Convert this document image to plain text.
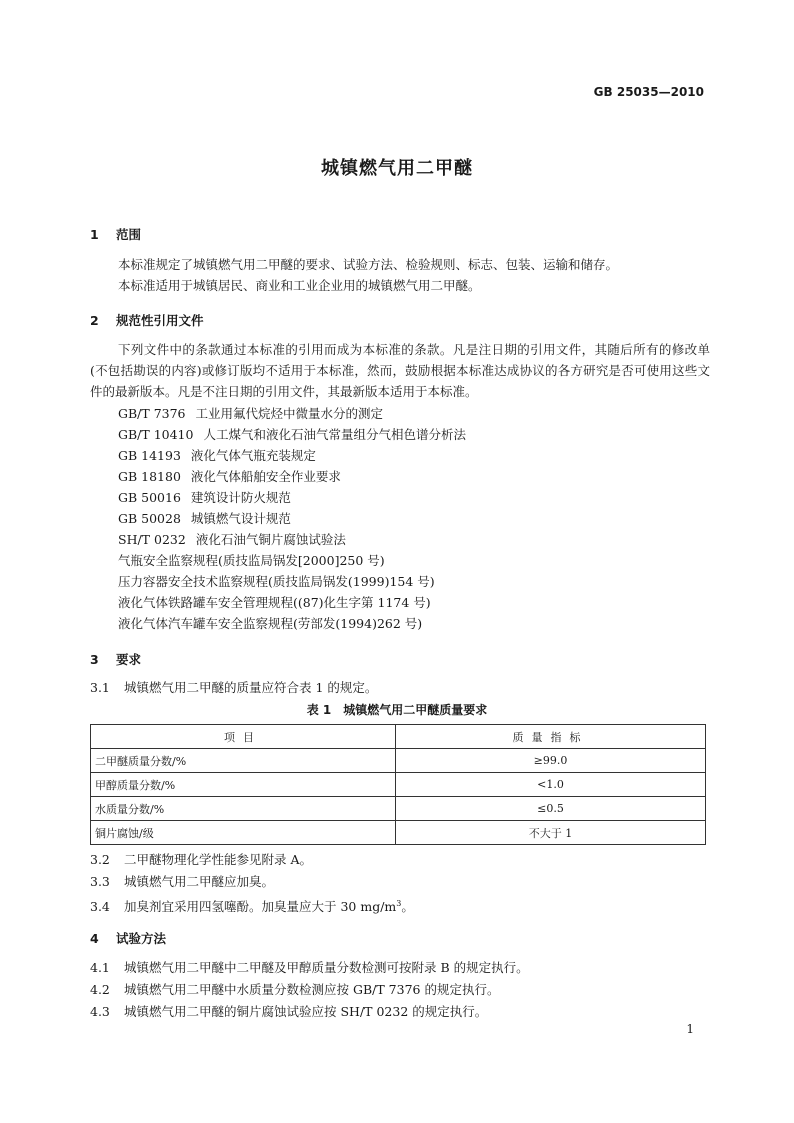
GB 25035—2010
城镇燃气用二甲醚
1 范围
本标准规定了城镇燃气用二甲醚的要求、试验方法、检验规则、标志、包装、运输和储存。
本标准适用于城镇居民、商业和工业企业用的城镇燃气用二甲醚。
2 规范性引用文件
下列文件中的条款通过本标准的引用而成为本标准的条款。凡是注日期的引用文件，其随后所有的修改单(不包括勘误的内容)或修订版均不适用于本标准，然而，鼓励根据本标准达成协议的各方研究是否可使用这些文件的最新版本。凡是不注日期的引用文件，其最新版本适用于本标准。
GB/T 7376 工业用氟代烷烃中微量水分的测定
GB/T 10410 人工煤气和液化石油气常量组分气相色谱分析法
GB 14193 液化气体气瓶充装规定
GB 18180 液化气体船舶安全作业要求
GB 50016 建筑设计防火规范
GB 50028 城镇燃气设计规范
SH/T 0232 液化石油气铜片腐蚀试验法
气瓶安全监察规程(质技监局锅发[2000]250 号)
压力容器安全技术监察规程(质技监局锅发(1999)154 号)
液化气体铁路罐车安全管理规程((87)化生字第 1174 号)
液化气体汽车罐车安全监察规程(劳部发(1994)262 号)
3 要求
3.1 城镇燃气用二甲醚的质量应符合表 1 的规定。
表 1　城镇燃气用二甲醚质量要求
项目	质量指标
二甲醚质量分数/%	≥99.0
甲醇质量分数/%	<1.0
水质量分数/%	≤0.5
铜片腐蚀/级	不大于 1
3.2 二甲醚物理化学性能参见附录 A。
3.3 城镇燃气用二甲醚应加臭。
3.4 加臭剂宜采用四氢噻酚。加臭量应大于 30 $mg/m^3$。
4 试验方法
4.1 城镇燃气用二甲醚中二甲醚及甲醇质量分数检测可按附录 B 的规定执行。
4.2 城镇燃气用二甲醚中水质量分数检测应按 GB/T 7376 的规定执行。
4.3 城镇燃气用二甲醚的铜片腐蚀试验应按 SH/T 0232 的规定执行。
1
